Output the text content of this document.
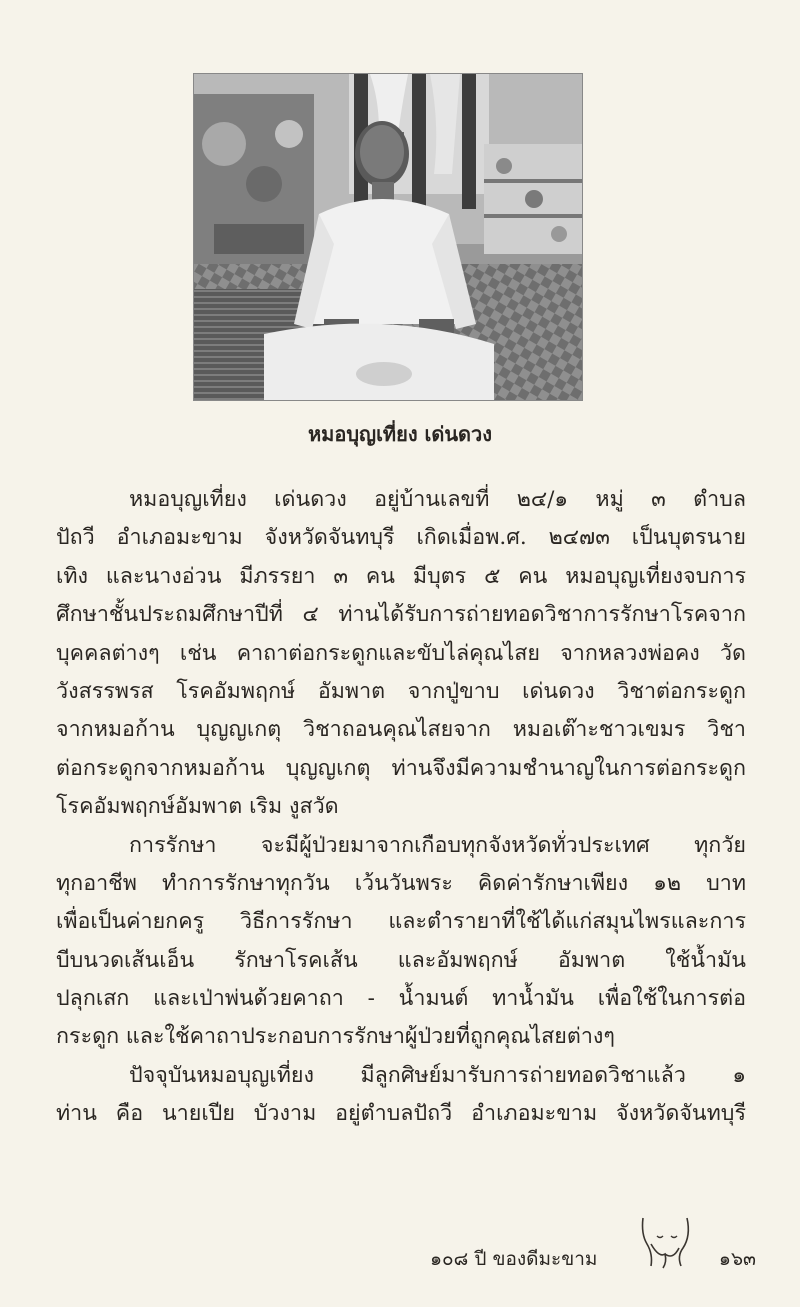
หมอบุญเที่ยง เด่นดวง
หมอบุญเที่ยง เด่นดวง อยู่บ้านเลขที่ ๒๔/๑ หมู่ ๓ ตำบล
ปัถวี อำเภอมะขาม จังหวัดจันทบุรี เกิดเมื่อพ.ศ. ๒๔๗๓ เป็นบุตรนาย
เทิง และนางอ่วน มีภรรยา ๓ คน มีบุตร ๕ คน หมอบุญเที่ยงจบการ
ศึกษาชั้นประถมศึกษาปีที่ ๔ ท่านได้รับการถ่ายทอดวิชาการรักษาโรคจาก
บุคคลต่างๆ เช่น คาถาต่อกระดูกและขับไล่คุณไสย จากหลวงพ่อคง วัด
วังสรรพรส โรคอัมพฤกษ์ อัมพาต จากปู่ขาบ เด่นดวง วิชาต่อกระดูก
จากหมอก้าน บุญญเกตุ วิชาถอนคุณไสยจาก หมอเต๊าะชาวเขมร วิชา
ต่อกระดูกจากหมอก้าน บุญญเกตุ ท่านจึงมีความชำนาญในการต่อกระดูก
โรคอัมพฤกษ์อัมพาต เริม งูสวัด
การรักษา จะมีผู้ป่วยมาจากเกือบทุกจังหวัดทั่วประเทศ ทุกวัย
ทุกอาชีพ ทำการรักษาทุกวัน เว้นวันพระ คิดค่ารักษาเพียง ๑๒ บาท
เพื่อเป็นค่ายกครู วิธีการรักษา และตำรายาที่ใช้ได้แก่สมุนไพรและการ
บีบนวดเส้นเอ็น รักษาโรคเส้น และอัมพฤกษ์ อัมพาต ใช้น้ำมัน
ปลุกเสก และเป่าพ่นด้วยคาถา - น้ำมนต์ ทาน้ำมัน เพื่อใช้ในการต่อ
กระดูก และใช้คาถาประกอบการรักษาผู้ป่วยที่ถูกคุณไสยต่างๆ
ปัจจุบันหมอบุญเที่ยง มีลูกศิษย์มารับการถ่ายทอดวิชาแล้ว ๑
ท่าน คือ นายเปีย บัวงาม อยู่ตำบลปัถวี อำเภอมะขาม จังหวัดจันทบุรี
๑๐๘ ปี ของดีมะขาม	๑๖๓
